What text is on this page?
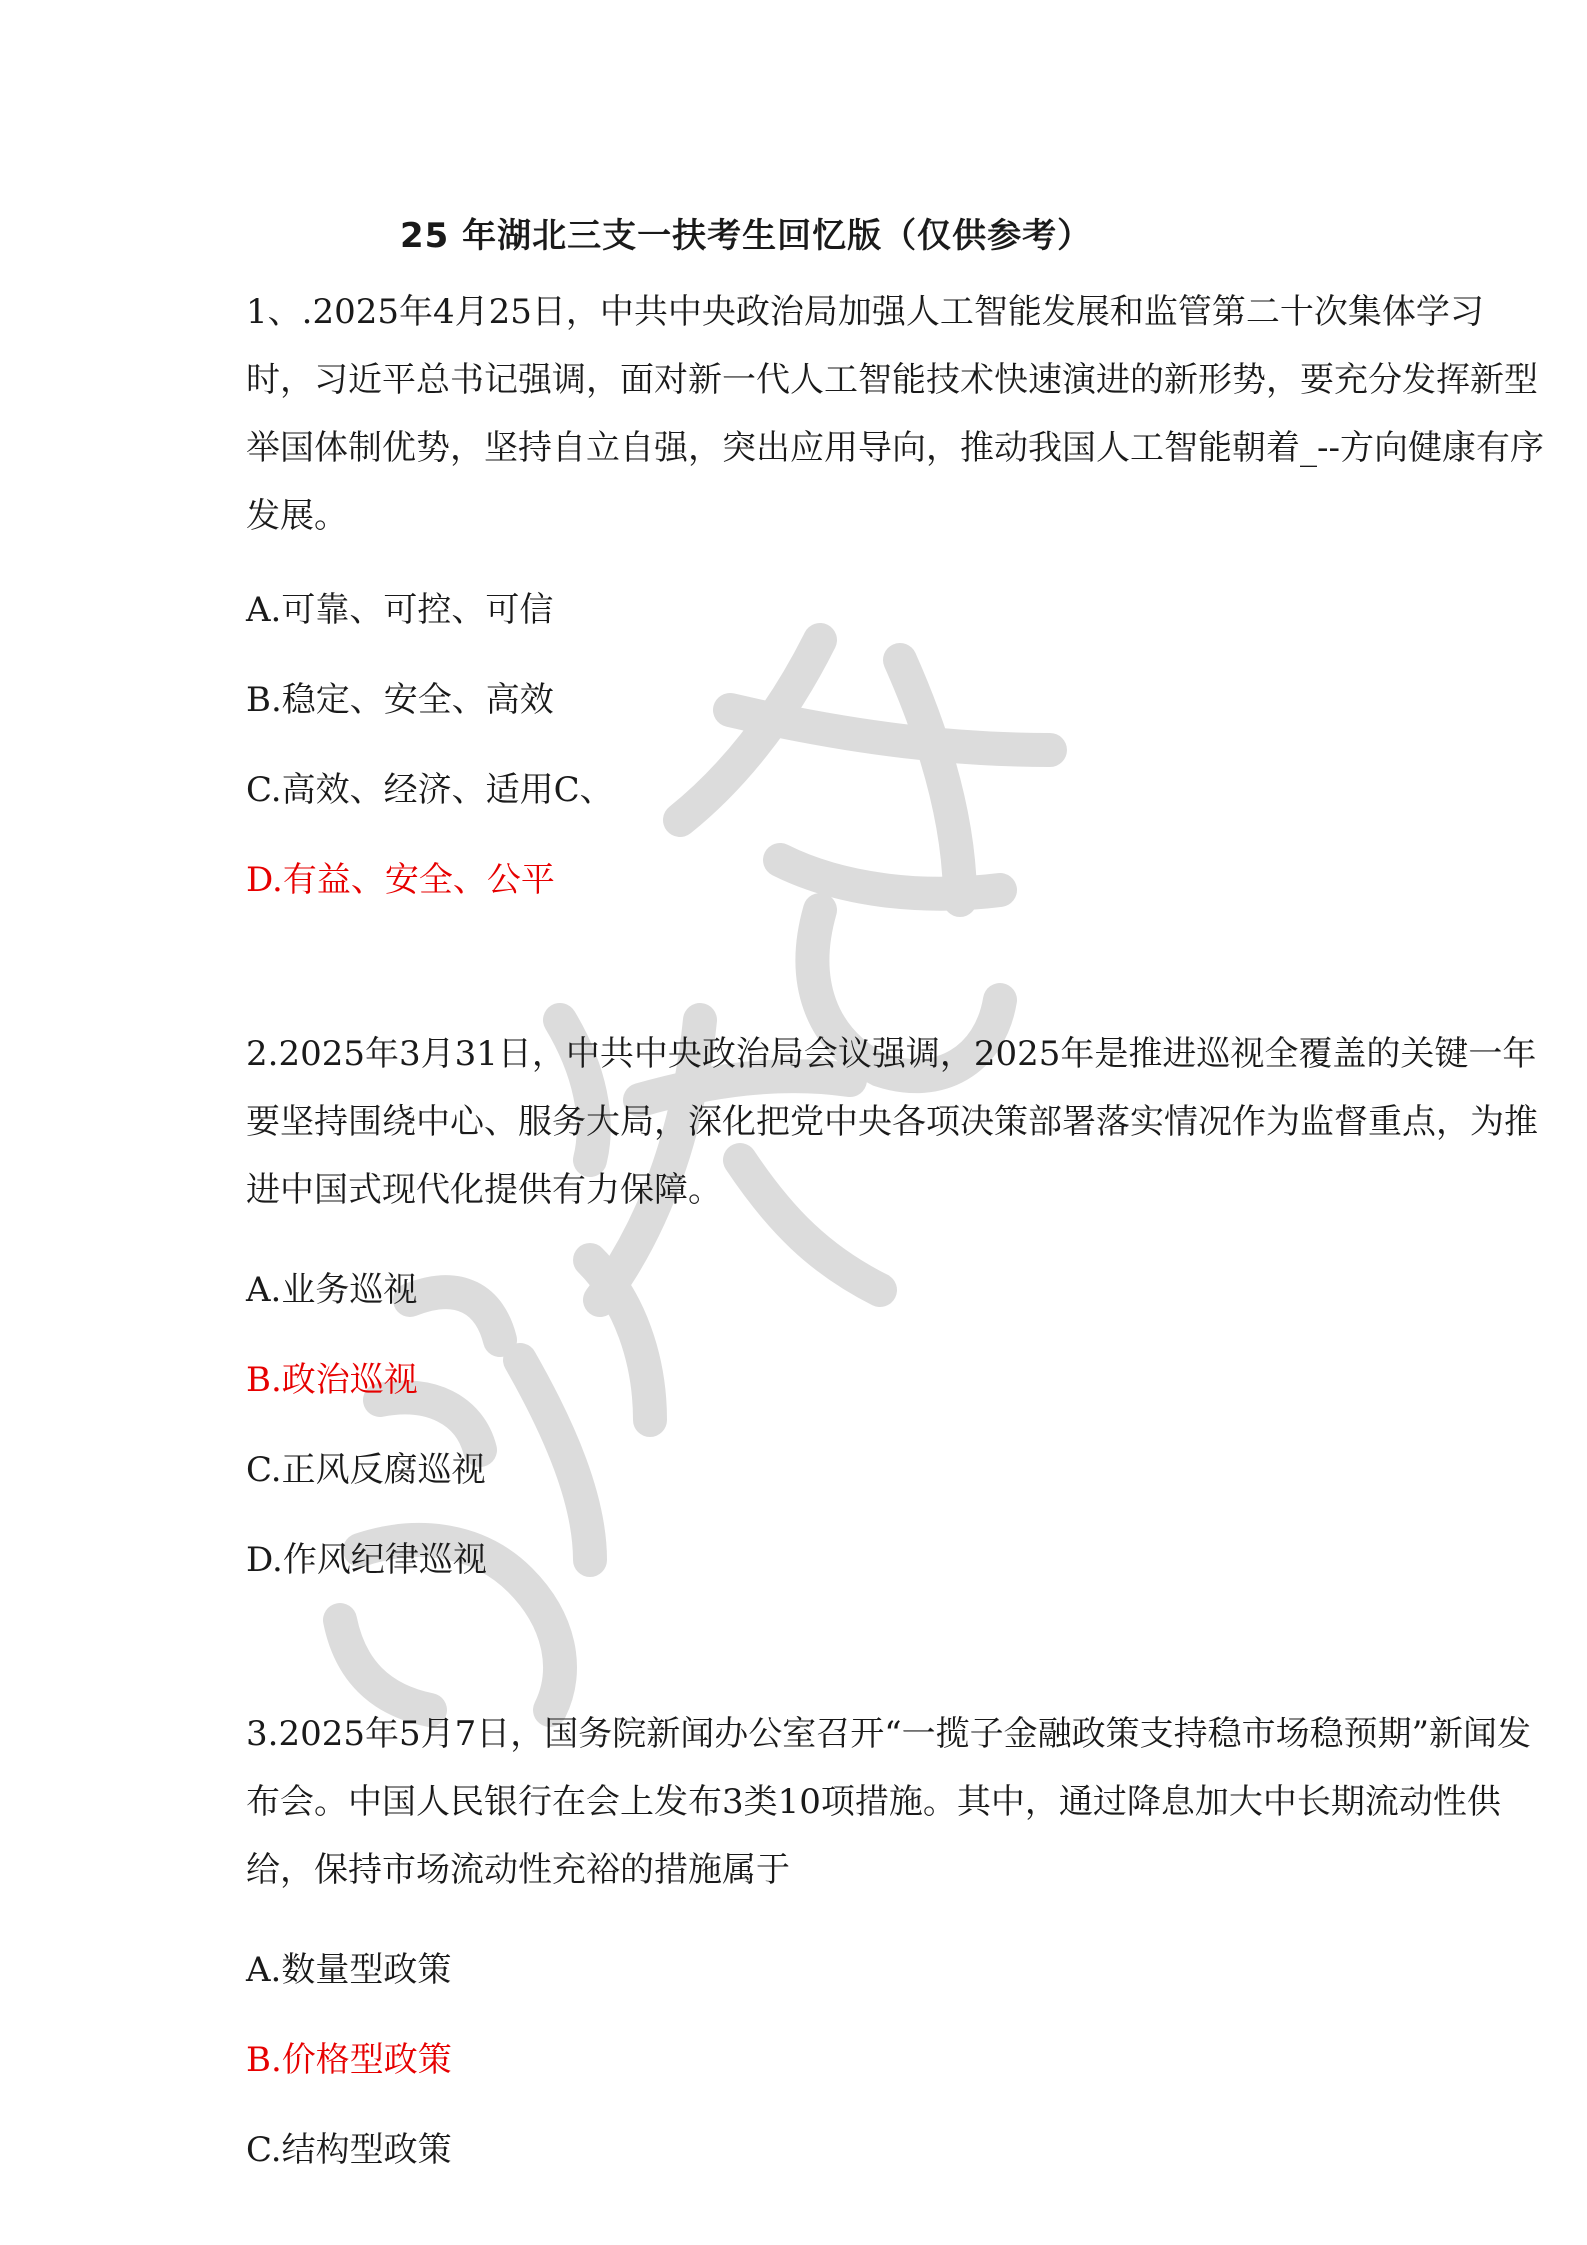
25 年湖北三支一扶考生回忆版（仅供参考）

1、.2025年4月25日，中共中央政治局加强人工智能发展和监管第二十次集体学习时，习近平总书记强调，面对新一代人工智能技术快速演进的新形势，要充分发挥新型举国体制优势，坚持自立自强，突出应用导向，推动我国人工智能朝着_--方向健康有序发展。

A.可靠、可控、可信
B.稳定、安全、高效
C.高效、经济、适用C、
D.有益、安全、公平

2.2025年3月31日，中共中央政治局会议强调，2025年是推进巡视全覆盖的关键一年要坚持围绕中心、服务大局，深化把党中央各项决策部署落实情况作为监督重点，为推进中国式现代化提供有力保障。

A.业务巡视
B.政治巡视
C.正风反腐巡视
D.作风纪律巡视

3.2025年5月7日，国务院新闻办公室召开“一揽子金融政策支持稳市场稳预期”新闻发布会。中国人民银行在会上发布3类10项措施。其中，通过降息加大中长期流动性供给，保持市场流动性充裕的措施属于

A.数量型政策
B.价格型政策
C.结构型政策
